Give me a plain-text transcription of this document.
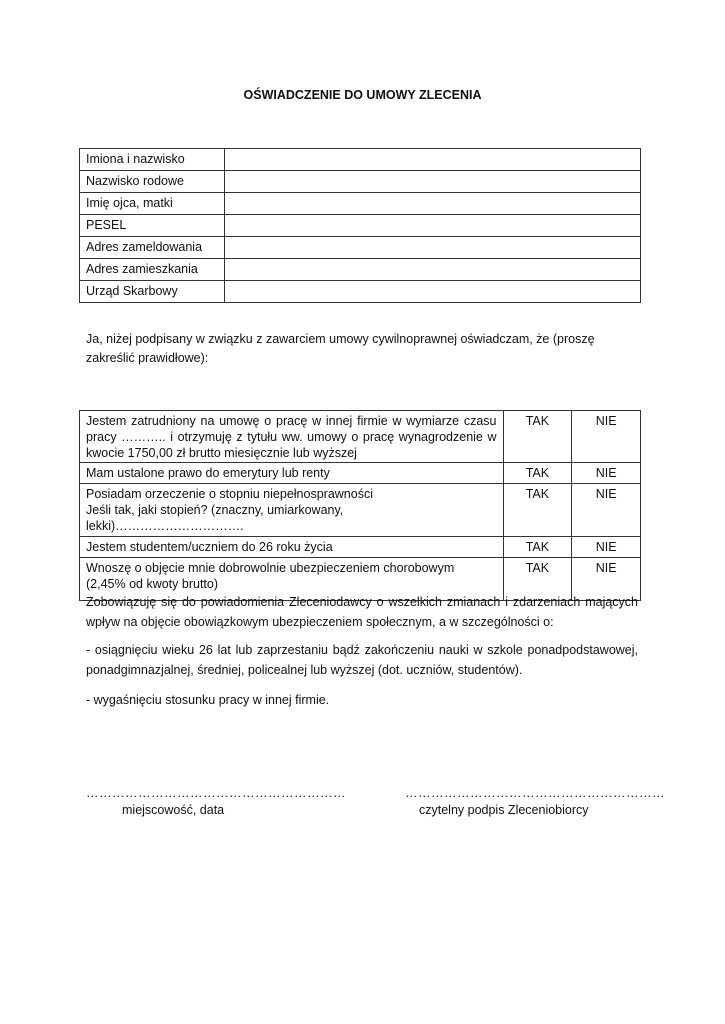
OŚWIADCZENIE DO UMOWY ZLECENIA
Imiona i nazwisko	
Nazwisko rodowe	
Imię ojca, matki	
PESEL	
Adres zameldowania	
Adres zamieszkania	
Urząd Skarbowy	
Ja, niżej podpisany w związku z zawarciem umowy cywilnoprawnej oświadczam, że (proszę zakreślić prawidłowe):
Jestem zatrudniony na umowę o pracę w innej firmie w wymiarze czasu pracy ……….. i otrzymuję z tytułu ww. umowy o pracę wynagrodzenie w kwocie 1750,00 zł brutto miesięcznie lub wyższej	TAK	NIE
Mam ustalone prawo do emerytury lub renty	TAK	NIE

Posiadam orzeczenie o stopniu niepełnosprawności
Jeśli tak, jaki stopień? (znaczny, umiarkowany, lekki)………………………….	TAK	NIE
Jestem studentem/uczniem do 26 roku życia	TAK	NIE
Wnoszę o objęcie mnie dobrowolnie ubezpieczeniem chorobowym (2,45% od kwoty brutto)	TAK	NIE
Zobowiązuję się do powiadomienia Zleceniodawcy o wszelkich zmianach i zdarzeniach mających wpływ na objęcie obowiązkowym ubezpieczeniem społecznym, a w szczególności o:
- osiągnięciu wieku 26 lat lub zaprzestaniu bądź zakończeniu nauki w szkole ponadpodstawowej, ponadgimnazjalnej, średniej, policealnej lub wyższej (dot. uczniów, studentów).
- wygaśnięciu stosunku pracy w innej firmie.
……………………………………………………
miejscowość, data
……………………………………………………
czytelny podpis Zleceniobiorcy
